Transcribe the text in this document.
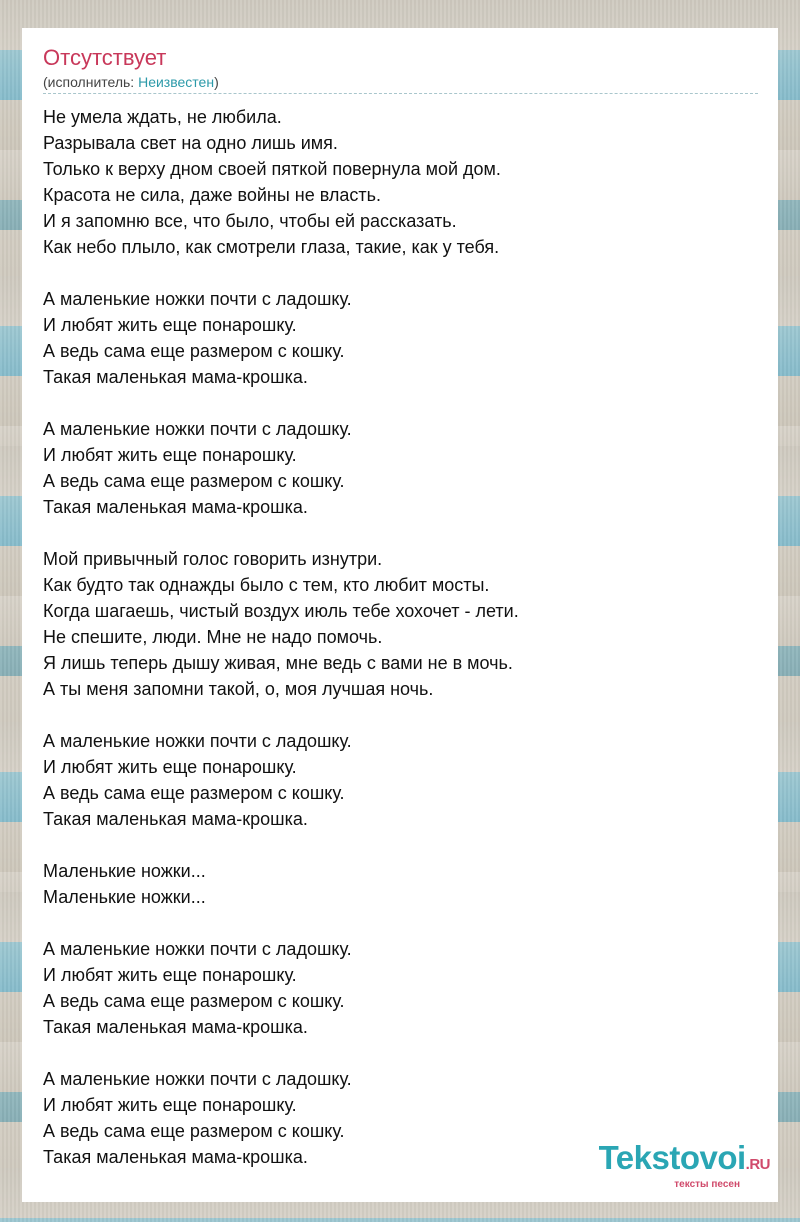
Отсутствует
(исполнитель: Неизвестен)
Не умела ждать, не любила.
Разрывала свет на одно лишь имя.
Только к верху дном своей пяткой повернула мой дом.
Красота не сила, даже войны не власть.
И я запомню все, что было, чтобы ей рассказать.
Как небо плыло, как смотрели глаза, такие, как у тебя.
А маленькие ножки почти с ладошку.
И любят жить еще понарошку.
А ведь сама еще размером с кошку.
Такая маленькая мама-крошка.
А маленькие ножки почти с ладошку.
И любят жить еще понарошку.
А ведь сама еще размером с кошку.
Такая маленькая мама-крошка.
Мой привычный голос говорить изнутри.
Как будто так однажды было с тем, кто любит мосты.
Когда шагаешь, чистый воздух июль тебе хохочет - лети.
Не спешите, люди. Мне не надо помочь.
Я лишь теперь дышу живая, мне ведь с вами не в мочь.
А ты меня запомни такой, о, моя лучшая ночь.
А маленькие ножки почти с ладошку.
И любят жить еще понарошку.
А ведь сама еще размером с кошку.
Такая маленькая мама-крошка.
Маленькие ножки...
Маленькие ножки...
А маленькие ножки почти с ладошку.
И любят жить еще понарошку.
А ведь сама еще размером с кошку.
Такая маленькая мама-крошка.
А маленькие ножки почти с ладошку.
И любят жить еще понарошку.
А ведь сама еще размером с кошку.
Такая маленькая мама-крошка.	Tekstovoi.RU
тексты песен
